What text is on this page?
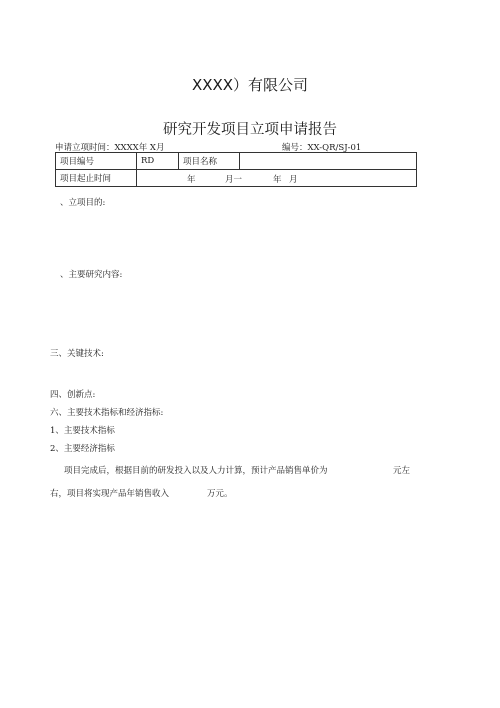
XXXX）有限公司
研究开发项目立项申请报告
申请立项时间：XXXX年 X月	编号：XX-QR/SJ-01
项目编号	RD	项目名称	
项目起止时间	年 月一 年 月		
、立项目的:
、主要研究内容:
三、关键技术:
四、创新点:
六、主要技术指标和经济指标:
1、主要技术指标
2、主要经济指标
项目完成后，根据目前的研发投入以及人力计算，预计产品销售单价为	元左
右，项目将实现产品年销售收入	万元。
